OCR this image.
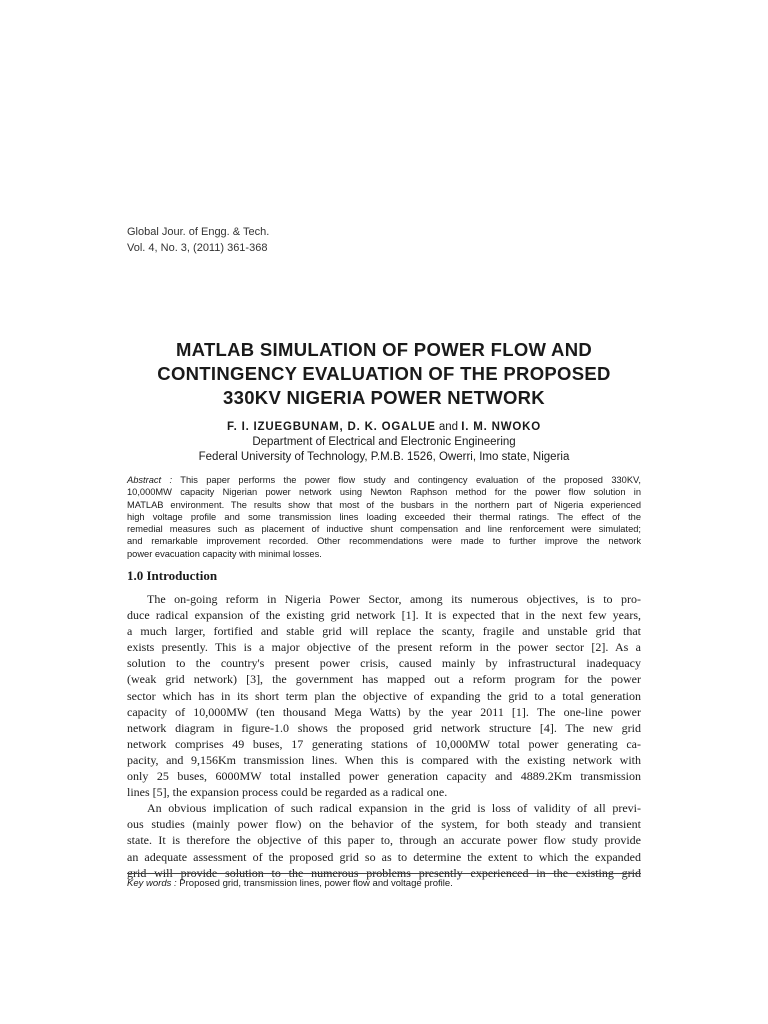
Global Jour. of Engg. & Tech.
Vol. 4, No. 3, (2011) 361-368
MATLAB SIMULATION OF POWER FLOW AND
CONTINGENCY EVALUATION OF THE PROPOSED
330KV NIGERIA POWER NETWORK
F. I. IZUEGBUNAM, D. K. OGALUE and I. M. NWOKO
Department of Electrical and Electronic Engineering
Federal University of Technology, P.M.B. 1526, Owerri, Imo state, Nigeria
Abstract : This paper performs the power flow study and contingency evaluation of the proposed 330KV,
10,000MW capacity Nigerian power network using Newton Raphson method for the power flow solution in
MATLAB environment. The results show that most of the busbars in the northern part of Nigeria experienced
high voltage profile and some transmission lines loading exceeded their thermal ratings. The effect of the
remedial measures such as placement of inductive shunt compensation and line renforcement were simulated;
and remarkable improvement recorded. Other recommendations were made to further improve the network
power evacuation capacity with minimal losses.
1.0 Introduction
The on-going reform in Nigeria Power Sector, among its numerous objectives, is to pro-
duce radical expansion of the existing grid network [1]. It is expected that in the next few years,
a much larger, fortified and stable grid will replace the scanty, fragile and unstable grid that
exists presently. This is a major objective of the present reform in the power sector [2]. As a
solution to the country's present power crisis, caused mainly by infrastructural inadequacy
(weak grid network) [3], the government has mapped out a reform program for the power
sector which has in its short term plan the objective of expanding the grid to a total generation
capacity of 10,000MW (ten thousand Mega Watts) by the year 2011 [1]. The one-line power
network diagram in figure-1.0 shows the proposed grid network structure [4]. The new grid
network comprises 49 buses, 17 generating stations of 10,000MW total power generating ca-
pacity, and 9,156Km transmission lines. When this is compared with the existing network with
only 25 buses, 6000MW total installed power generation capacity and 4889.2Km transmission
lines [5], the expansion process could be regarded as a radical one.
An obvious implication of such radical expansion in the grid is loss of validity of all previ-
ous studies (mainly power flow) on the behavior of the system, for both steady and transient
state. It is therefore the objective of this paper to, through an accurate power flow study provide
an adequate assessment of the proposed grid so as to determine the extent to which the expanded
grid will provide solution to the numerous problems presently experienced in the existing grid
Key words : Proposed grid, transmission lines, power flow and voltage profile.
